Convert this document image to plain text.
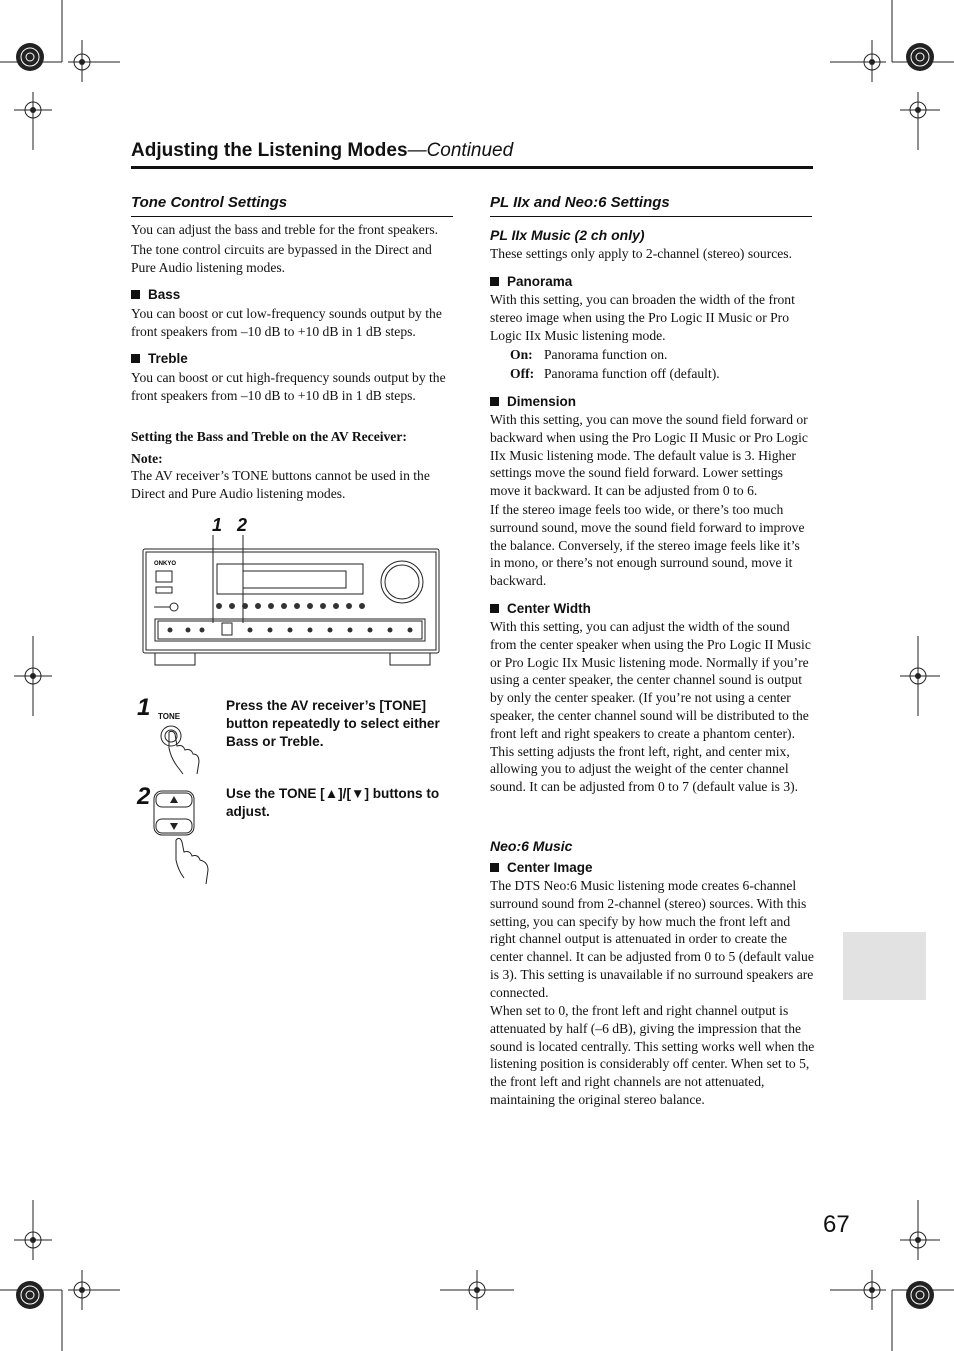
Adjusting the Listening Modes—Continued
Tone Control Settings
You can adjust the bass and treble for the front speakers.
The tone control circuits are bypassed in the Direct and Pure Audio listening modes.
Bass
You can boost or cut low-frequency sounds output by the front speakers from –10 dB to +10 dB in 1 dB steps.
Treble
You can boost or cut high-frequency sounds output by the front speakers from –10 dB to +10 dB in 1 dB steps.
Setting the Bass and Treble on the AV Receiver:
Note:
The AV receiver’s TONE buttons cannot be used in the Direct and Pure Audio listening modes.
1 2
ONKYO
1 TONE
Press the AV receiver’s [TONE] button repeatedly to select either Bass or Treble.
2	Use the TONE [▲]/[▼] buttons to adjust.
PL IIx and Neo:6 Settings
PL IIx Music (2 ch only)
These settings only apply to 2-channel (stereo) sources.
Panorama
With this setting, you can broaden the width of the front stereo image when using the Pro Logic II Music or Pro Logic IIx Music listening mode.
On: Panorama function on.
Off: Panorama function off (default).
Dimension
With this setting, you can move the sound field forward or backward when using the Pro Logic II Music or Pro Logic IIx Music listening mode. The default value is 3. Higher settings move the sound field forward. Lower settings move it backward. It can be adjusted from 0 to 6.
If the stereo image feels too wide, or there’s too much surround sound, move the sound field forward to improve the balance. Conversely, if the stereo image feels like it’s in mono, or there’s not enough surround sound, move it backward.
Center Width
With this setting, you can adjust the width of the sound from the center speaker when using the Pro Logic II Music or Pro Logic IIx Music listening mode. Normally if you’re using a center speaker, the center channel sound is output by only the center speaker. (If you’re not using a center speaker, the center channel sound will be distributed to the front left and right speakers to create a phantom center). This setting adjusts the front left, right, and center mix, allowing you to adjust the weight of the center channel sound. It can be adjusted from 0 to 7 (default value is 3).
Neo:6 Music
Center Image
The DTS Neo:6 Music listening mode creates 6-channel surround sound from 2-channel (stereo) sources. With this setting, you can specify by how much the front left and right channel output is attenuated in order to create the center channel. It can be adjusted from 0 to 5 (default value is 3). This setting is unavailable if no surround speakers are connected.
When set to 0, the front left and right channel output is attenuated by half (–6 dB), giving the impression that the sound is located centrally. This setting works well when the listening position is considerably off center. When set to 5, the front left and right channels are not attenuated, maintaining the original stereo balance.
67
